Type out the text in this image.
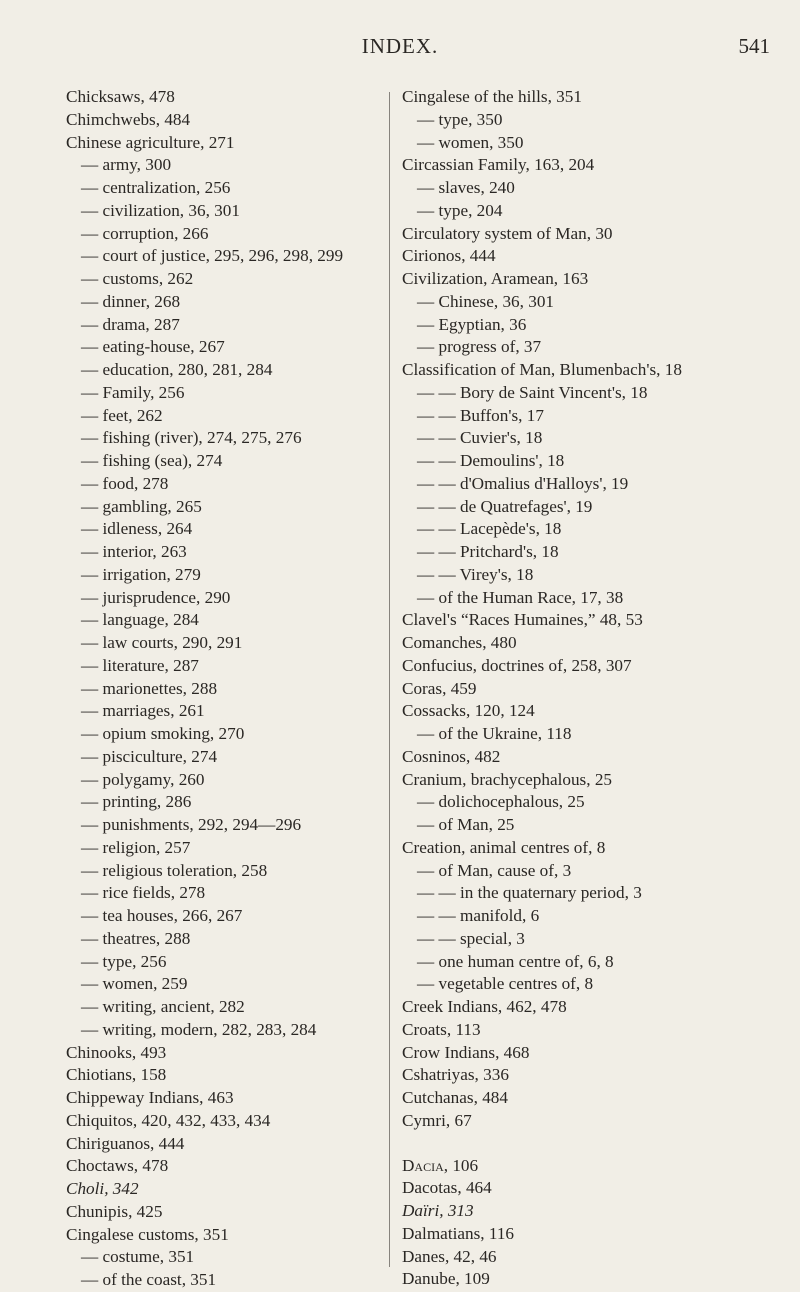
INDEX.	541
Chicksaws, 478
Chimchwebs, 484
Chinese agriculture, 271
— army, 300
— centralization, 256
— civilization, 36, 301
— corruption, 266
— court of justice, 295, 296, 298, 299
— customs, 262
— dinner, 268
— drama, 287
— eating-house, 267
— education, 280, 281, 284
— Family, 256
— feet, 262
— fishing (river), 274, 275, 276
— fishing (sea), 274
— food, 278
— gambling, 265
— idleness, 264
— interior, 263
— irrigation, 279
— jurisprudence, 290
— language, 284
— law courts, 290, 291
— literature, 287
— marionettes, 288
— marriages, 261
— opium smoking, 270
— pisciculture, 274
— polygamy, 260
— printing, 286
— punishments, 292, 294—296
— religion, 257
— religious toleration, 258
— rice fields, 278
— tea houses, 266, 267
— theatres, 288
— type, 256
— women, 259
— writing, ancient, 282
— writing, modern, 282, 283, 284
Chinooks, 493
Chiotians, 158
Chippeway Indians, 463
Chiquitos, 420, 432, 433, 434
Chiriguanos, 444
Choctaws, 478
Choli, 342
Chunipis, 425
Cingalese customs, 351
— costume, 351
— of the coast, 351
Cingalese of the hills, 351
— type, 350
— women, 350
Circassian Family, 163, 204
— slaves, 240
— type, 204
Circulatory system of Man, 30
Cirionos, 444
Civilization, Aramean, 163
— Chinese, 36, 301
— Egyptian, 36
— progress of, 37
Classification of Man, Blumenbach's, 18
— — Bory de Saint Vincent's, 18
— — Buffon's, 17
— — Cuvier's, 18
— — Demoulins', 18
— — d'Omalius d'Halloys', 19
— — de Quatrefages', 19
— — Lacepède's, 18
— — Pritchard's, 18
— — Virey's, 18
— of the Human Race, 17, 38
Clavel's “Races Humaines,” 48, 53
Comanches, 480
Confucius, doctrines of, 258, 307
Coras, 459
Cossacks, 120, 124
— of the Ukraine, 118
Cosninos, 482
Cranium, brachycephalous, 25
— dolichocephalous, 25
— of Man, 25
Creation, animal centres of, 8
— of Man, cause of, 3
— — in the quaternary period, 3
— — manifold, 6
— — special, 3
— one human centre of, 6, 8
— vegetable centres of, 8
Creek Indians, 462, 478
Croats, 113
Crow Indians, 468
Cshatriyas, 336
Cutchanas, 484
Cymri, 67
Dacia, 106
Dacotas, 464
Daïri, 313
Dalmatians, 116
Danes, 42, 46
Danube, 109
